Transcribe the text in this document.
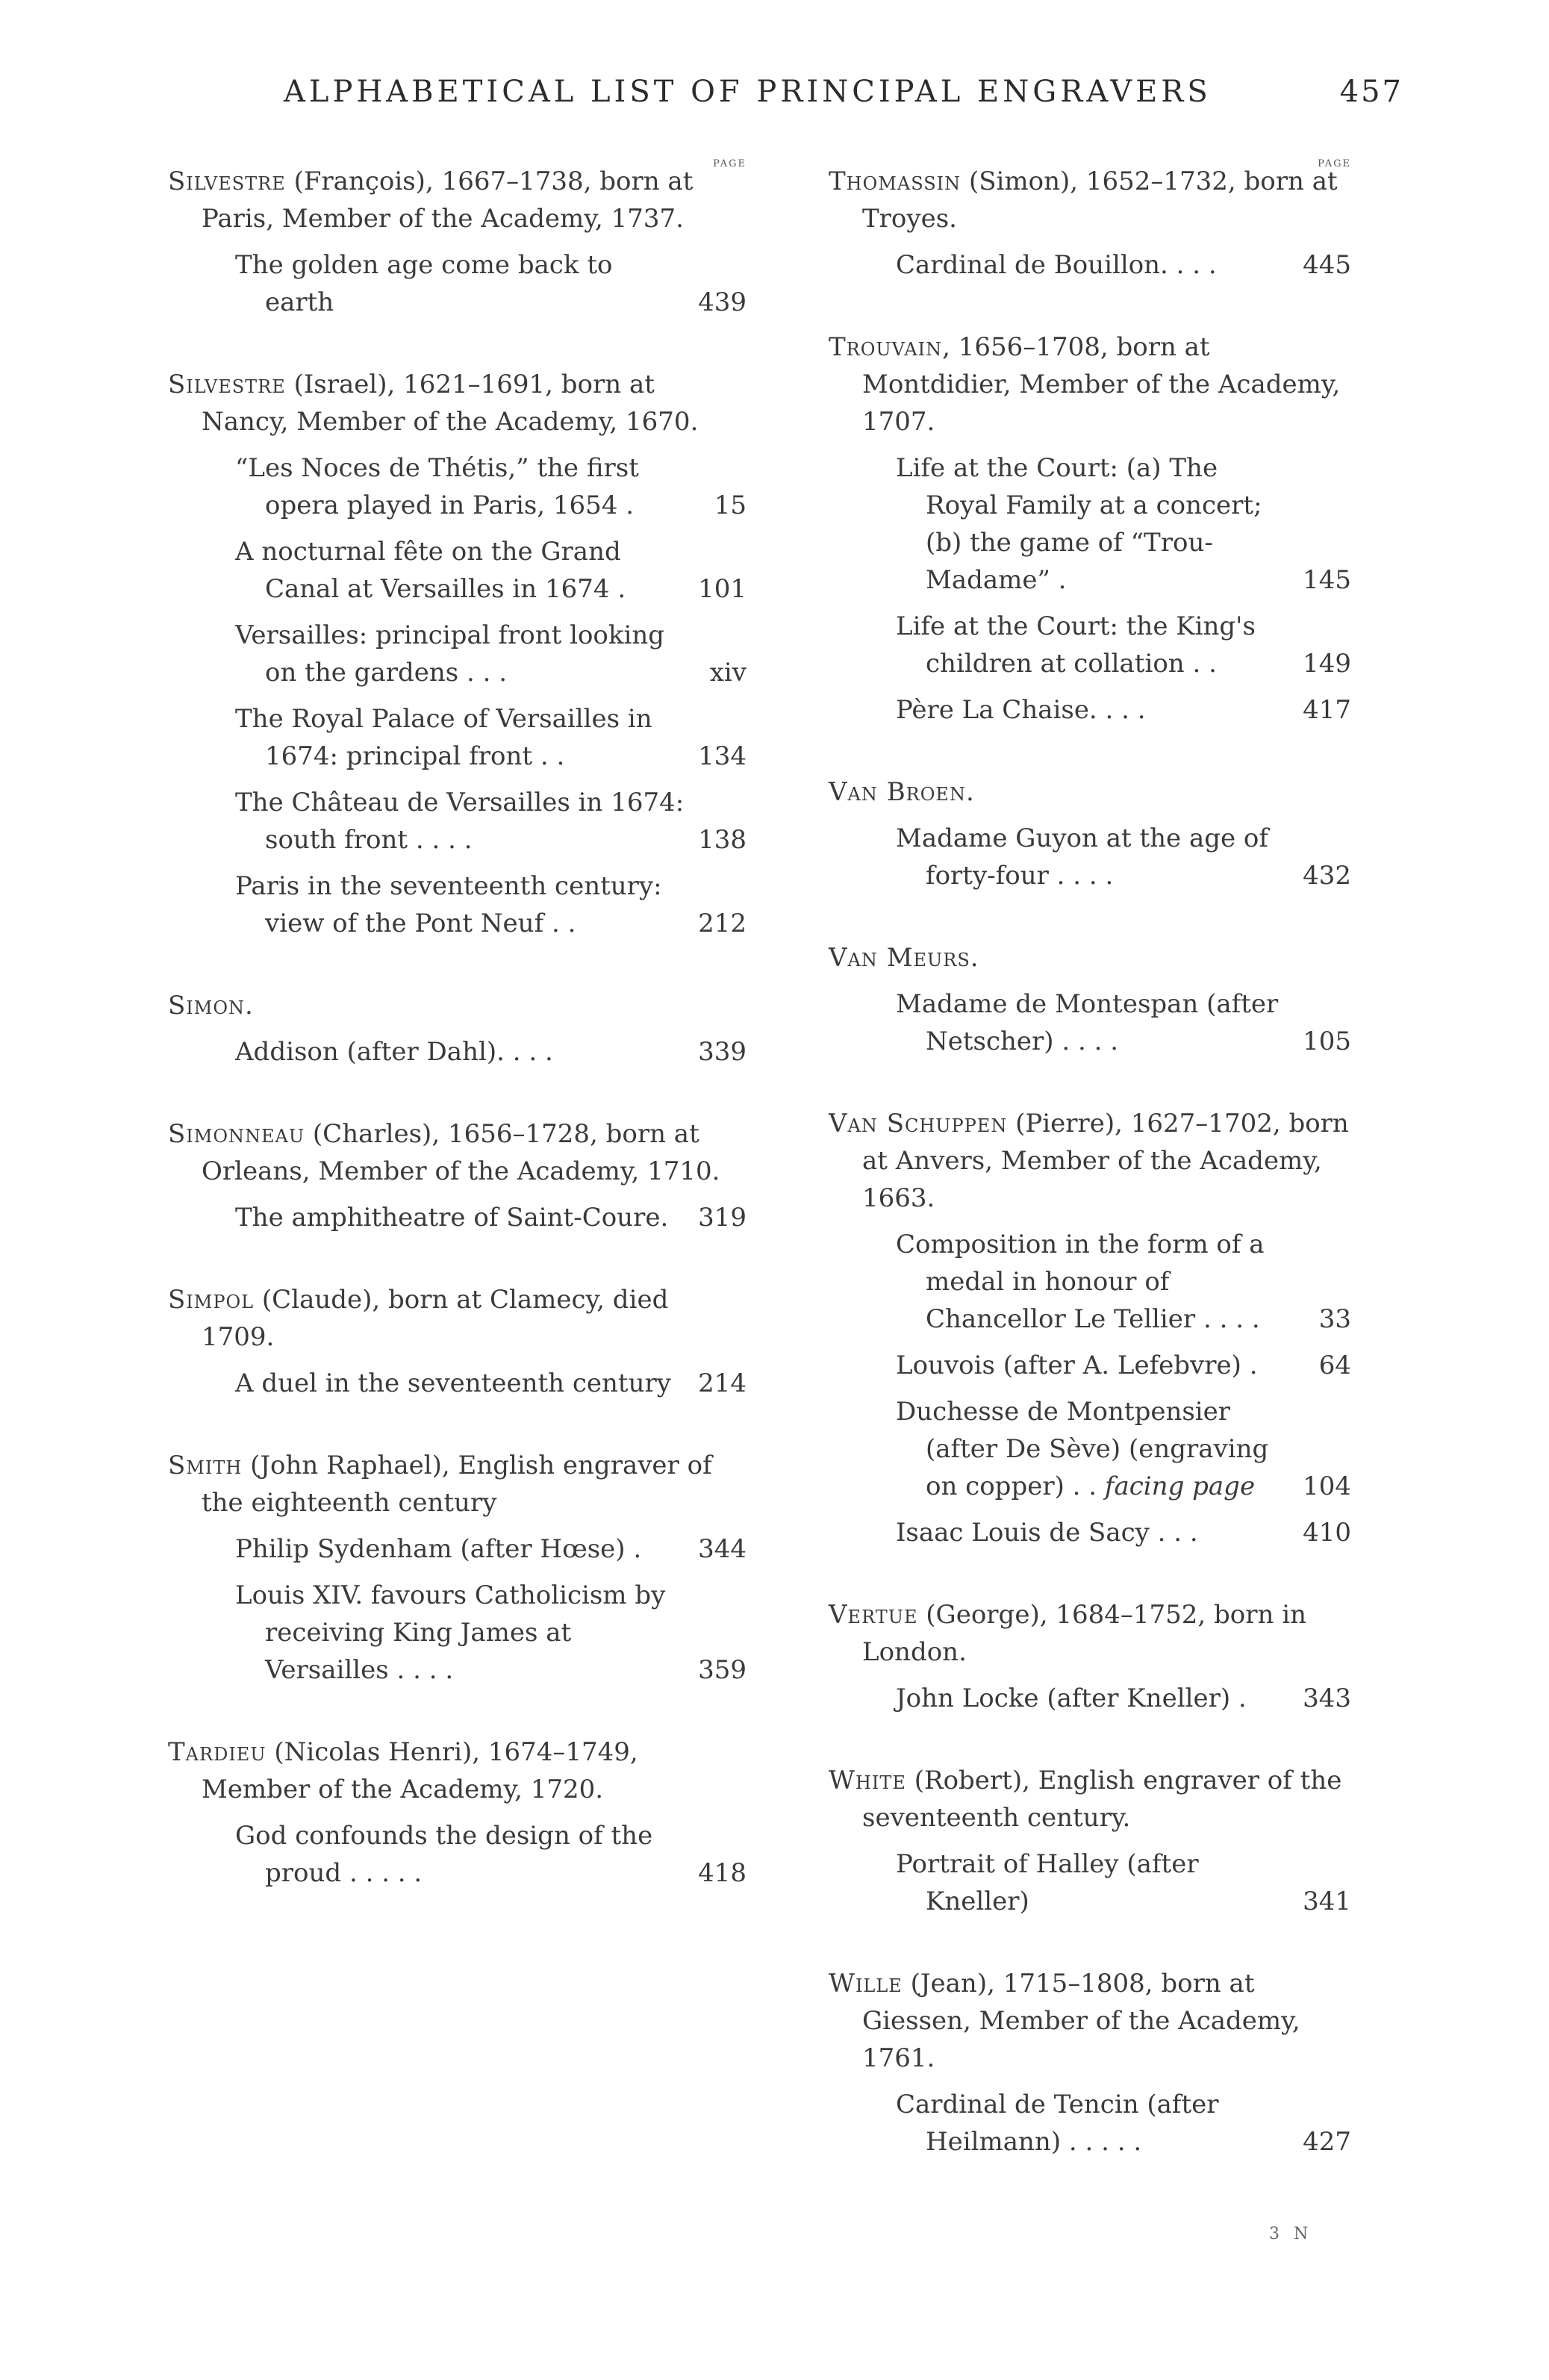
ALPHABETICAL LIST OF PRINCIPAL ENGRAVERS	457
PAGE
Silvestre (François), 1667–1738, born at Paris, Member of the Academy, 1737.
The golden age come back to earth	439
Silvestre (Israel), 1621–1691, born at Nancy, Member of the Academy, 1670.
“Les Noces de Thétis,” the first opera played in Paris, 1654 .	15
A nocturnal fête on the Grand Canal at Versailles in 1674 .	101
Versailles: principal front looking on the gardens . . .	xiv
The Royal Palace of Versailles in 1674: principal front . .	134
The Château de Versailles in 1674: south front . . . .	138
Paris in the seventeenth century: view of the Pont Neuf . .	212
Simon.
Addison (after Dahl). . . .	339
Simonneau (Charles), 1656–1728, born at Orleans, Member of the Academy, 1710.
The amphitheatre of Saint-Coure.	319
Simpol (Claude), born at Clamecy, died 1709.
A duel in the seventeenth century	214
Smith (John Raphael), English engraver of the eighteenth century
Philip Sydenham (after Hœse) .	344
Louis XIV. favours Catholicism by receiving King James at Versailles . . . .	359
Tardieu (Nicolas Henri), 1674–1749, Member of the Academy, 1720.
God confounds the design of the proud . . . . .	418
PAGE
Thomassin (Simon), 1652–1732, born at Troyes.
Cardinal de Bouillon. . . .	445
Trouvain, 1656–1708, born at Montdidier, Member of the Academy, 1707.
Life at the Court: (a) The Royal Family at a concert; (b) the game of “Trou-Madame” .	145
Life at the Court: the King's children at collation . .	149
Père La Chaise. . . .	417
Van Broen.
Madame Guyon at the age of forty-four . . . .	432
Van Meurs.
Madame de Montespan (after Netscher) . . . .	105
Van Schuppen (Pierre), 1627–1702, born at Anvers, Member of the Academy, 1663.
Composition in the form of a medal in honour of Chancellor Le Tellier . . . .	33
Louvois (after A. Lefebvre) .	64
Duchesse de Montpensier (after De Sève) (engraving on copper) . . facing page	104
Isaac Louis de Sacy . . .	410
Vertue (George), 1684–1752, born in London.
John Locke (after Kneller) .	343
White (Robert), English engraver of the seventeenth century.
Portrait of Halley (after Kneller)	341
Wille (Jean), 1715–1808, born at Giessen, Member of the Academy, 1761.
Cardinal de Tencin (after Heilmann) . . . . .	427
3 N
